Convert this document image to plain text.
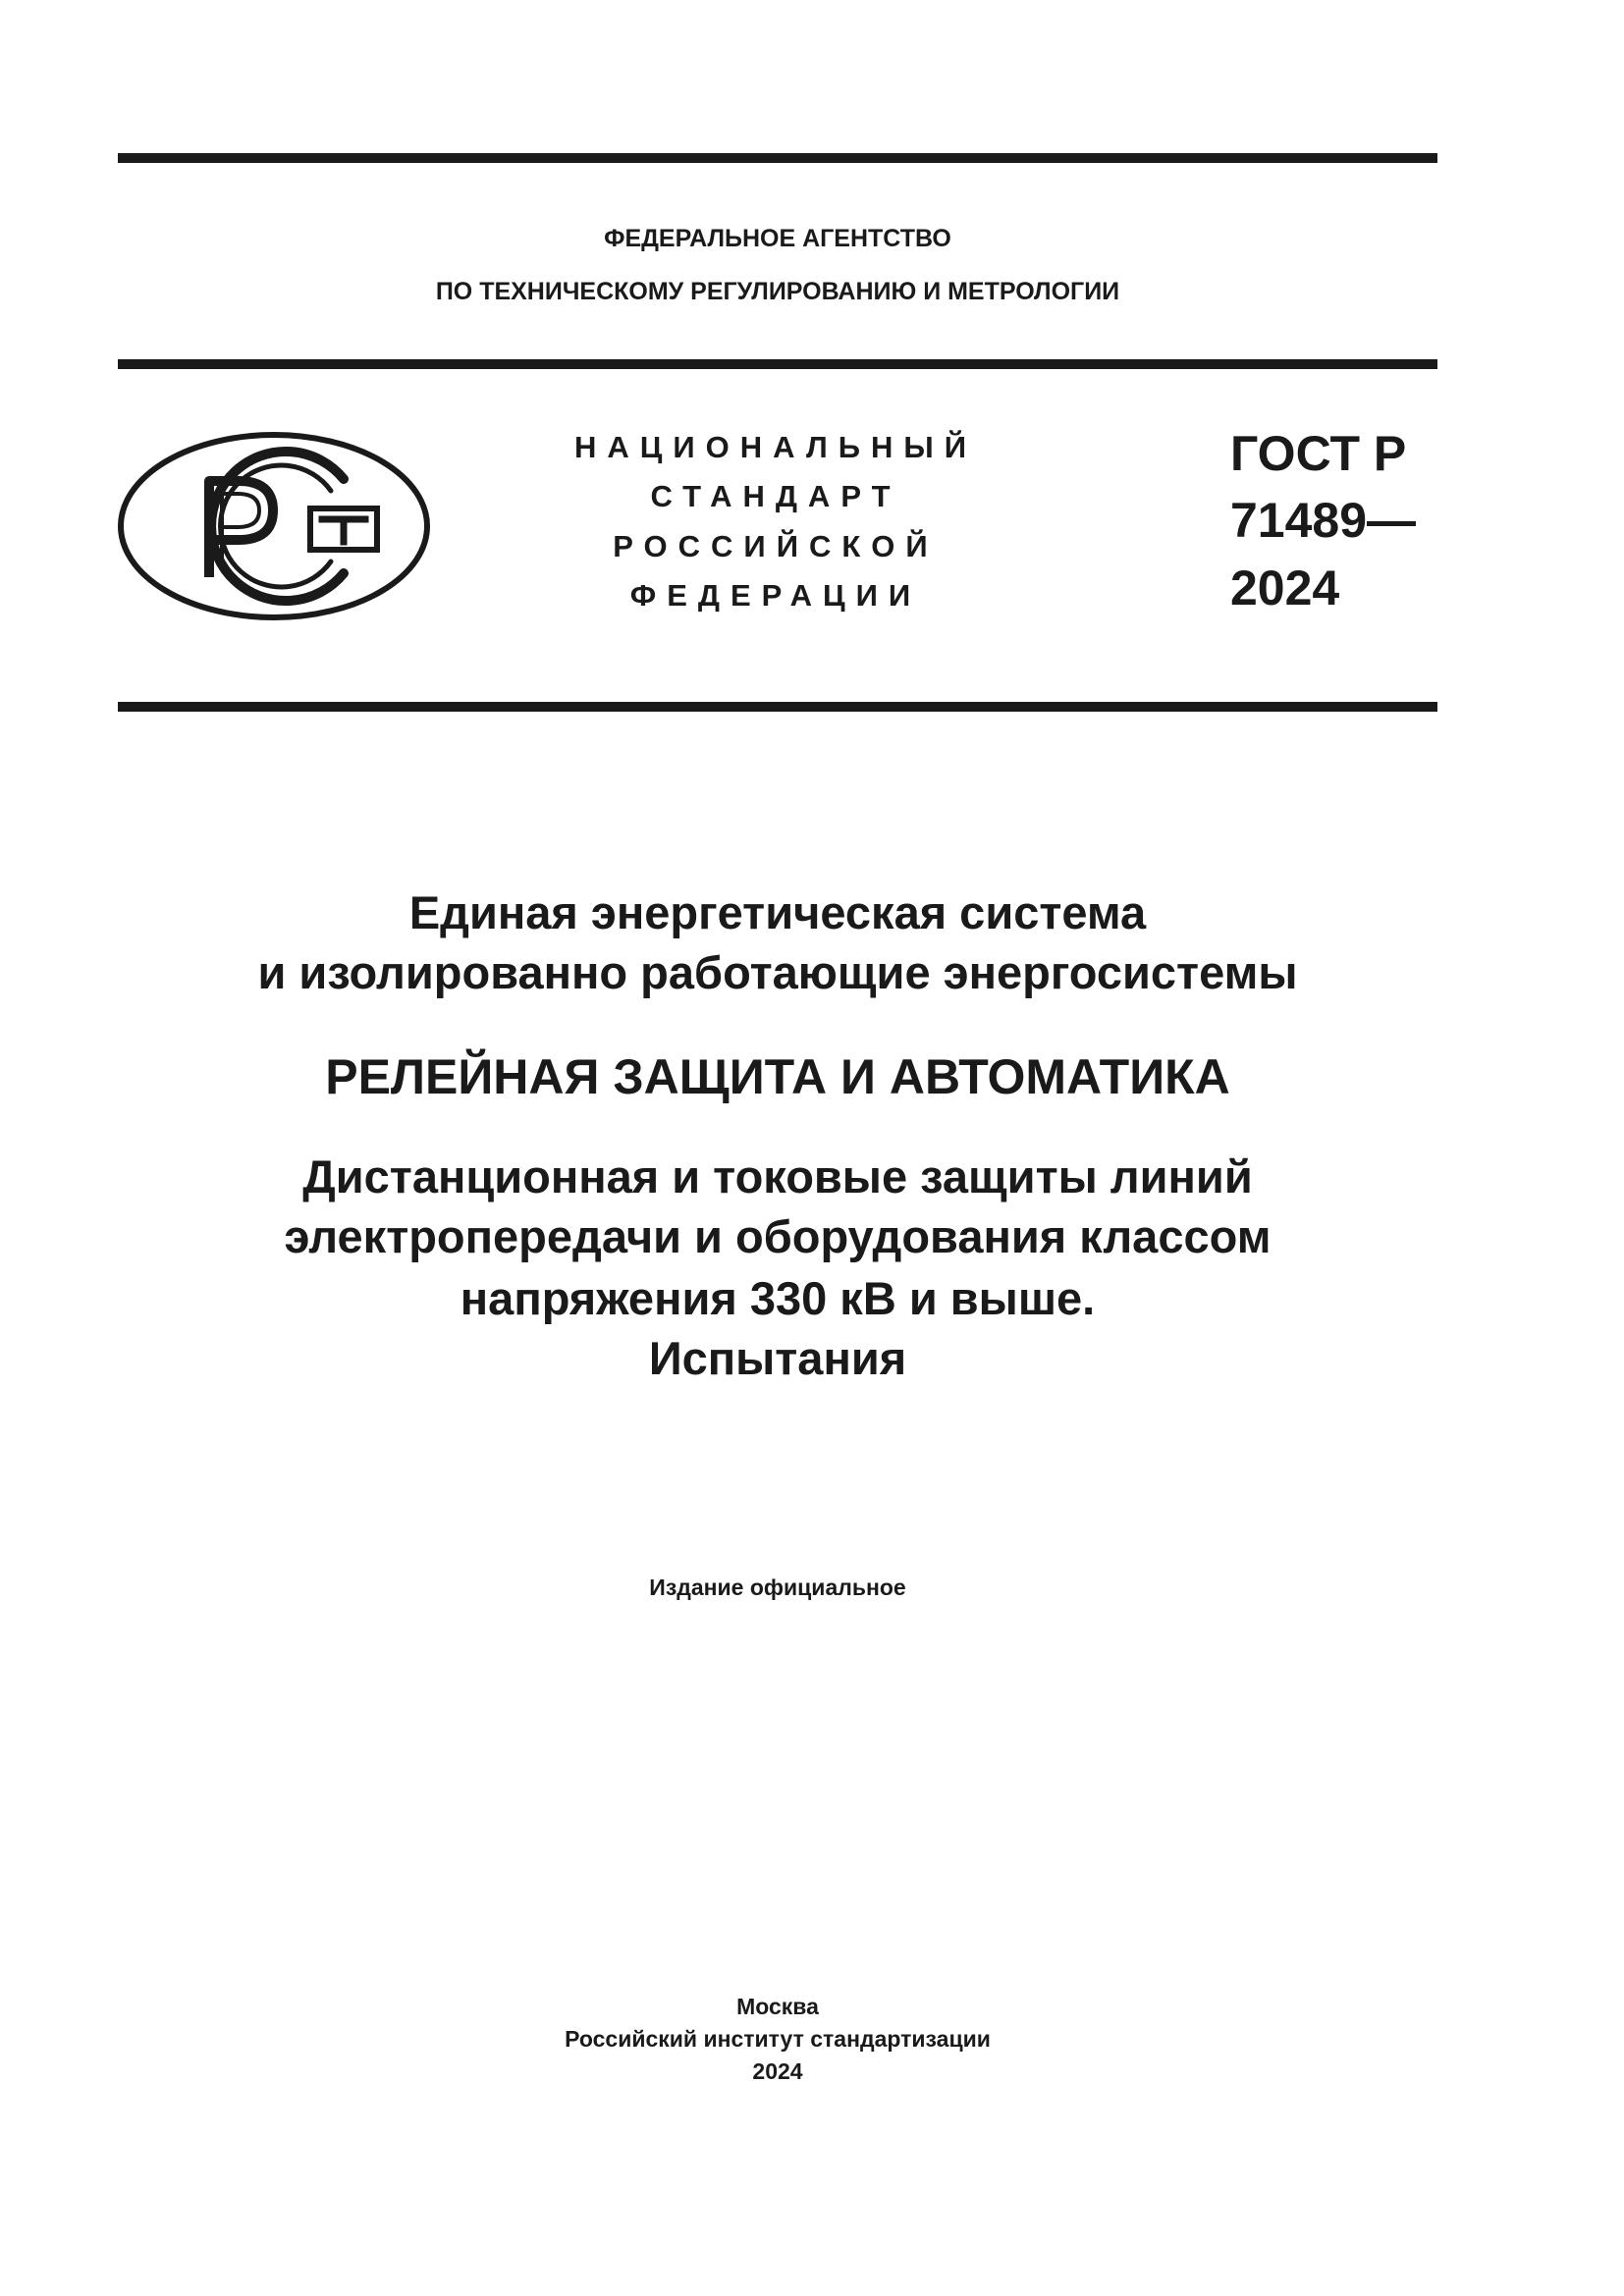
ФЕДЕРАЛЬНОЕ АГЕНТСТВО
ПО ТЕХНИЧЕСКОМУ РЕГУЛИРОВАНИЮ И МЕТРОЛОГИИ
НАЦИОНАЛЬНЫЙ
СТАНДАРТ
РОССИЙСКОЙ
ФЕДЕРАЦИИ
ГОСТ Р
71489—
2024
Единая энергетическая система
и изолированно работающие энергосистемы
РЕЛЕЙНАЯ ЗАЩИТА И АВТОМАТИКА
Дистанционная и токовые защиты линий
электропередачи и оборудования классом
напряжения 330 кВ и выше.
Испытания
Издание официальное
Москва
Российский институт стандартизации
2024
